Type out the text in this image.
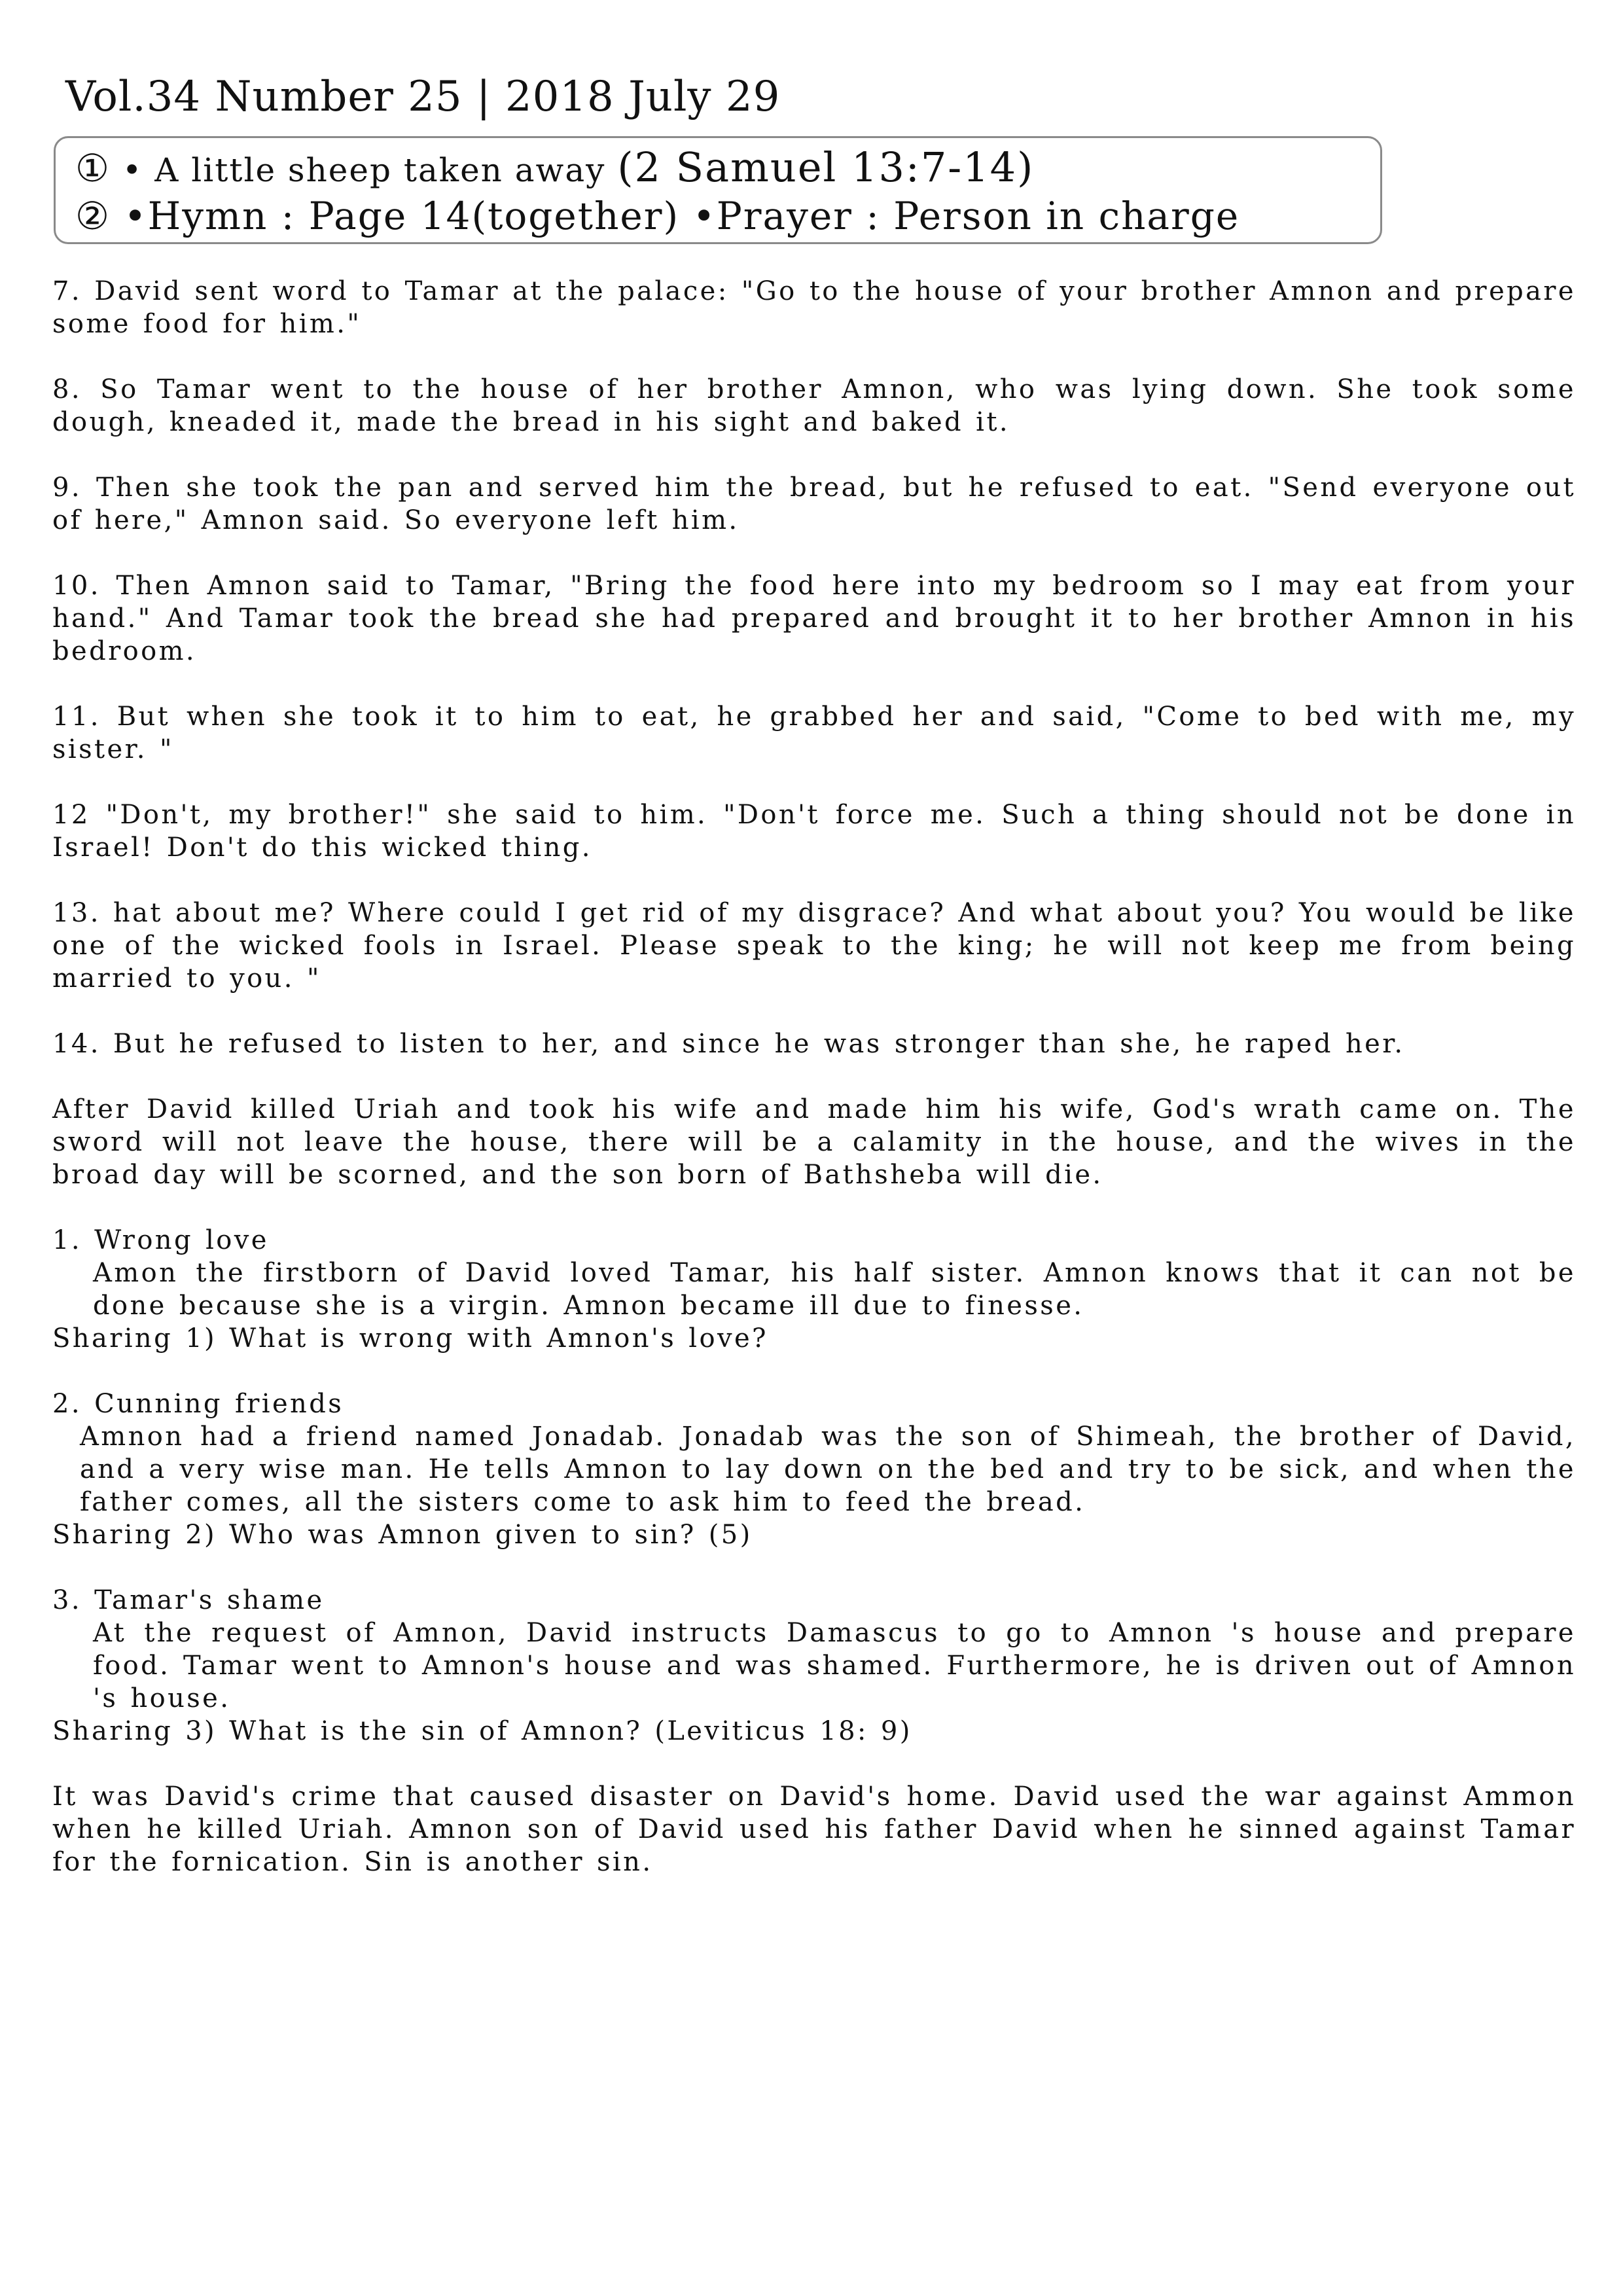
Vol.34 Number 25 | 2018 July 29
① • A little sheep taken away (2 Samuel 13:7-14)
② •Hymn : Page 14(together) •Prayer : Person in charge

7. David sent word to Tamar at the palace: "Go to the house of your brother Amnon and prepare some food for him."

8. So Tamar went to the house of her brother Amnon, who was lying down. She took some dough, kneaded it, made the bread in his sight and baked it.

9. Then she took the pan and served him the bread, but he refused to eat. "Send everyone out of here," Amnon said. So everyone left him.

10. Then Amnon said to Tamar, "Bring the food here into my bedroom so I may eat from your hand." And Tamar took the bread she had prepared and brought it to her brother Amnon in his bedroom.

11. But when she took it to him to eat, he grabbed her and said, "Come to bed with me, my sister. "

12 "Don't, my brother!" she said to him. "Don't force me. Such a thing should not be done in Israel! Don't do this wicked thing.

13. hat about me? Where could I get rid of my disgrace? And what about you? You would be like one of the wicked fools in Israel. Please speak to the king; he will not keep me from being married to you. "

14. But he refused to listen to her, and since he was stronger than she, he raped her.

After David killed Uriah and took his wife and made him his wife, God's wrath came on. The sword will not leave the house, there will be a calamity in the house, and the wives in the broad day will be scorned, and the son born of Bathsheba will die.

1. Wrong love
Amon the firstborn of David loved Tamar, his half sister. Amnon knows that it can not be done because she is a virgin. Amnon became ill due to finesse.
Sharing 1) What is wrong with Amnon's love?
2. Cunning friends
Amnon had a friend named Jonadab. Jonadab was the son of Shimeah, the brother of David, and a very wise man. He tells Amnon to lay down on the bed and try to be sick, and when the father comes, all the sisters come to ask him to feed the bread.
Sharing 2) Who was Amnon given to sin? (5)
3. Tamar's shame
At the request of Amnon, David instructs Damascus to go to Amnon 's house and prepare food. Tamar went to Amnon's house and was shamed. Furthermore, he is driven out of Amnon 's house.
Sharing 3) What is the sin of Amnon? (Leviticus 18: 9)

It was David's crime that caused disaster on David's home. David used the war against Ammon when he killed Uriah. Amnon son of David used his father David when he sinned against Tamar for the fornication. Sin is another sin.
